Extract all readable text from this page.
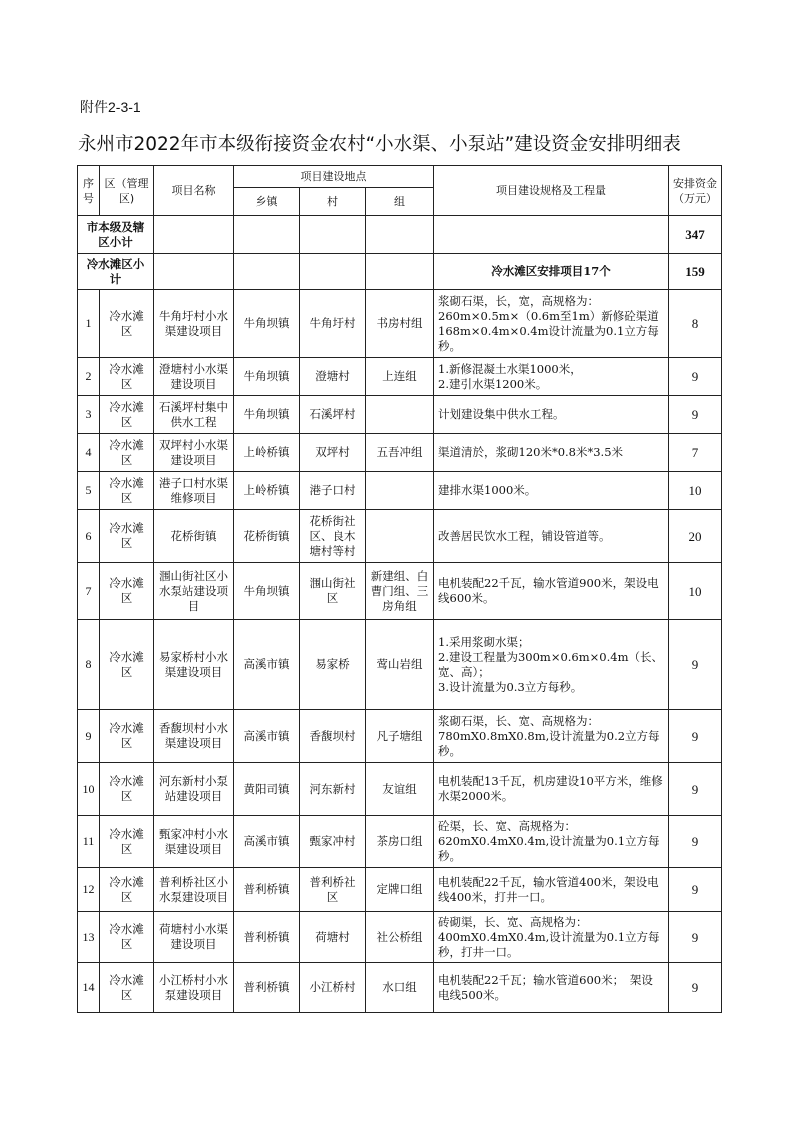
附件2-3-1
永州市2022年市本级衔接资金农村“小水渠、小泵站”建设资金安排明细表
序号	区（管理区)	项目名称	项目建设地点			项目建设规格及工程量	安排资金（万元）
			乡镇	村	组		
市本级及辖区小计							347
冷水滩区小计						冷水滩区安排项目17个	159
1	冷水滩区	牛角圩村小水渠建设项目	牛角坝镇	牛角圩村	书房村组	浆砌石渠，长，宽，高规格为：260m×0.5m×（0.6m至1m）新修砼渠道168m×0.4m×0.4m设计流量为0.1立方每秒。	8
2	冷水滩区	澄塘村小水渠建设项目	牛角坝镇	澄塘村	上连组	1.新修混凝土水渠1000米，
2.建引水渠1200米。	9
3	冷水滩区	石溪坪村集中供水工程	牛角坝镇	石溪坪村		计划建设集中供水工程。	9
4	冷水滩区	双坪村小水渠建设项目	上岭桥镇	双坪村	五吾冲组	渠道清於，浆砌120米*0.8米*3.5米	7
5	冷水滩区	港子口村水渠维修项目	上岭桥镇	港子口村		建排水渠1000米。	10
6	冷水滩区	花桥街镇	花桥街镇	花桥街社区、良木塘村等村		改善居民饮水工程，铺设管道等。	20
7	冷水滩区	涠山街社区小水泵站建设项目	牛角坝镇	涠山街社区	新建组、白曹门组、三房角组	电机装配22千瓦，输水管道900米，架设电线600米。	10
8	冷水滩区	易家桥村小水渠建设项目	高溪市镇	易家桥	莺山岩组	1.采用浆砌水渠；
2.建设工程量为300m×0.6m×0.4m（长、宽、高）；
3.设计流量为0.3立方每秒。	9
9	冷水滩区	香馥坝村小水渠建设项目	高溪市镇	香馥坝村	凡子塘组	浆砌石渠，长、宽、高规格为：780mX0.8mX0.8m,设计流量为0.2立方每秒。	9
10	冷水滩区	河东新村小泵站建设项目	黄阳司镇	河东新村	友谊组	电机装配13千瓦，机房建设10平方米，维修水渠2000米。	9
11	冷水滩区	甄家冲村小水渠建设项目	高溪市镇	甄家冲村	茶房口组	砼渠，长、宽、高规格为：620mX0.4mX0.4m,设计流量为0.1立方每秒。	9
12	冷水滩区	普利桥社区小水泵建设项目	普利桥镇	普利桥社区	定牌口组	电机装配22千瓦，输水管道400米，架设电线400米，打井一口。	9
13	冷水滩区	荷塘村小水渠建设项目	普利桥镇	荷塘村	社公桥组	砖砌渠，长、宽、高规格为：400mX0.4mX0.4m,设计流量为0.1立方每秒，打井一口。	9
14	冷水滩区	小江桥村小水泵建设项目	普利桥镇	小江桥村	水口组	电机装配22千瓦；输水管道600米；　架设电线500米。	9
